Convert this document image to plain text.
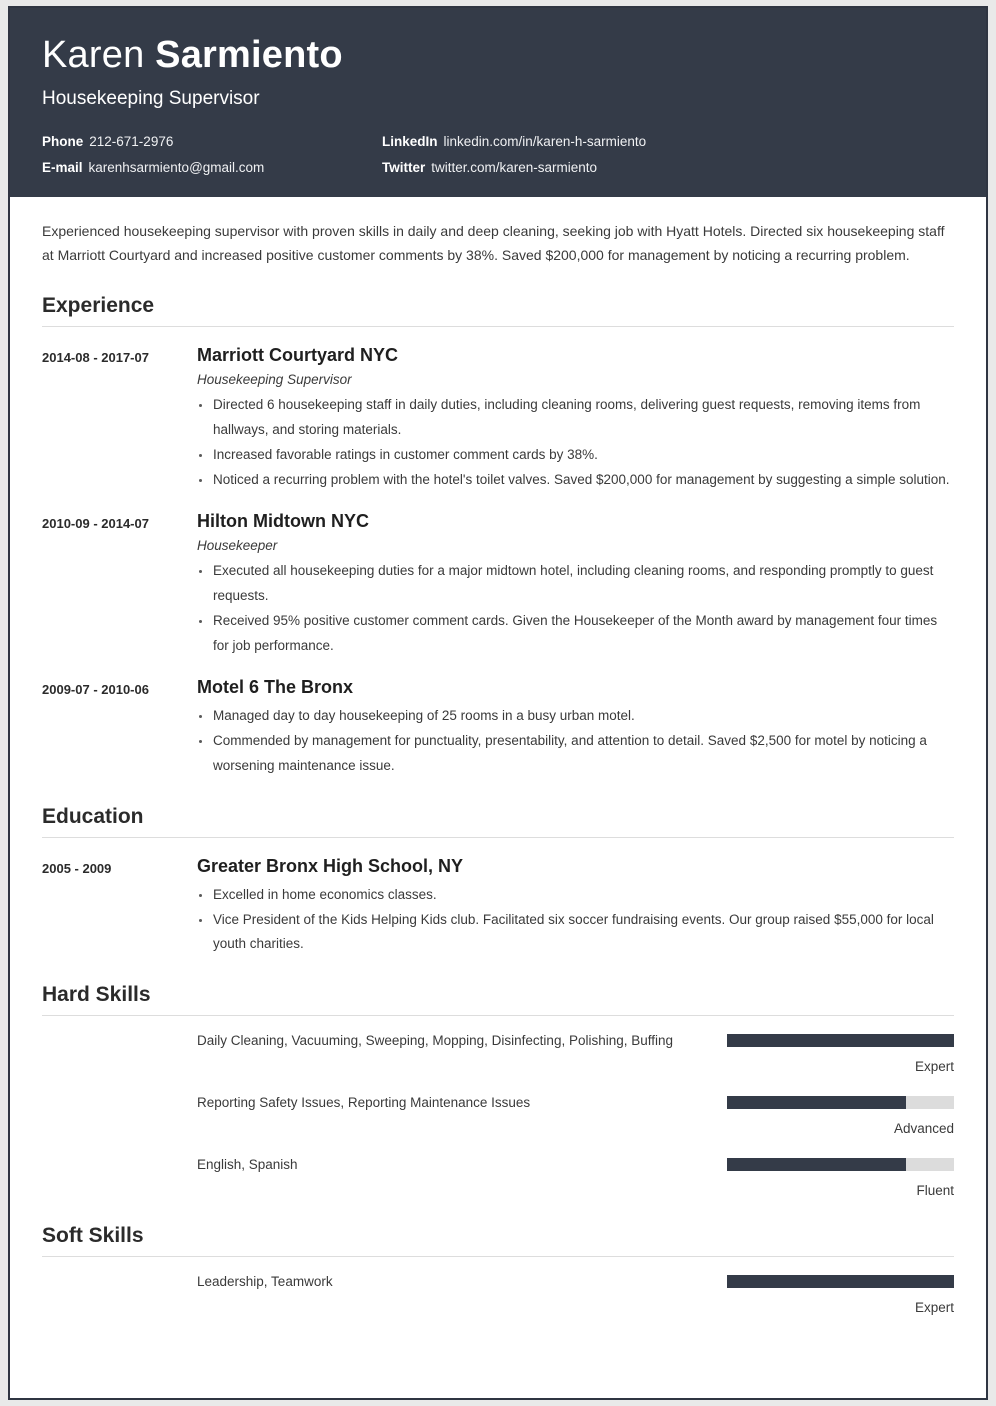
Karen Sarmiento
Housekeeping Supervisor
Phone 212-671-2976	LinkedIn linkedin.com/in/karen-h-sarmiento
E-mail karenhsarmiento@gmail.com	Twitter twitter.com/karen-sarmiento

Experienced housekeeping supervisor with proven skills in daily and deep cleaning, seeking job with Hyatt Hotels. Directed six housekeeping staff at Marriott Courtyard and increased positive customer comments by 38%. Saved $200,000 for management by noticing a recurring problem.

Experience
2014-08 - 2017-07	Marriott Courtyard NYC
Housekeeping Supervisor
Directed 6 housekeeping staff in daily duties, including cleaning rooms, delivering guest requests, removing items from hallways, and storing materials.
Increased favorable ratings in customer comment cards by 38%.
Noticed a recurring problem with the hotel's toilet valves. Saved $200,000 for management by suggesting a simple solution.
2010-09 - 2014-07	Hilton Midtown NYC
Housekeeper
Executed all housekeeping duties for a major midtown hotel, including cleaning rooms, and responding promptly to guest requests.
Received 95% positive customer comment cards. Given the Housekeeper of the Month award by management four times for job performance.
2009-07 - 2010-06	Motel 6 The Bronx
Managed day to day housekeeping of 25 rooms in a busy urban motel.
Commended by management for punctuality, presentability, and attention to detail. Saved $2,500 for motel by noticing a worsening maintenance issue.
Education
2005 - 2009	Greater Bronx High School, NY
Excelled in home economics classes.
Vice President of the Kids Helping Kids club. Facilitated six soccer fundraising events. Our group raised $55,000 for local youth charities.
Hard Skills
Daily Cleaning, Vacuuming, Sweeping, Mopping, Disinfecting, Polishing, Buffing
Expert
Reporting Safety Issues, Reporting Maintenance Issues
Advanced
English, Spanish
Fluent
Soft Skills
Leadership, Teamwork
Expert
